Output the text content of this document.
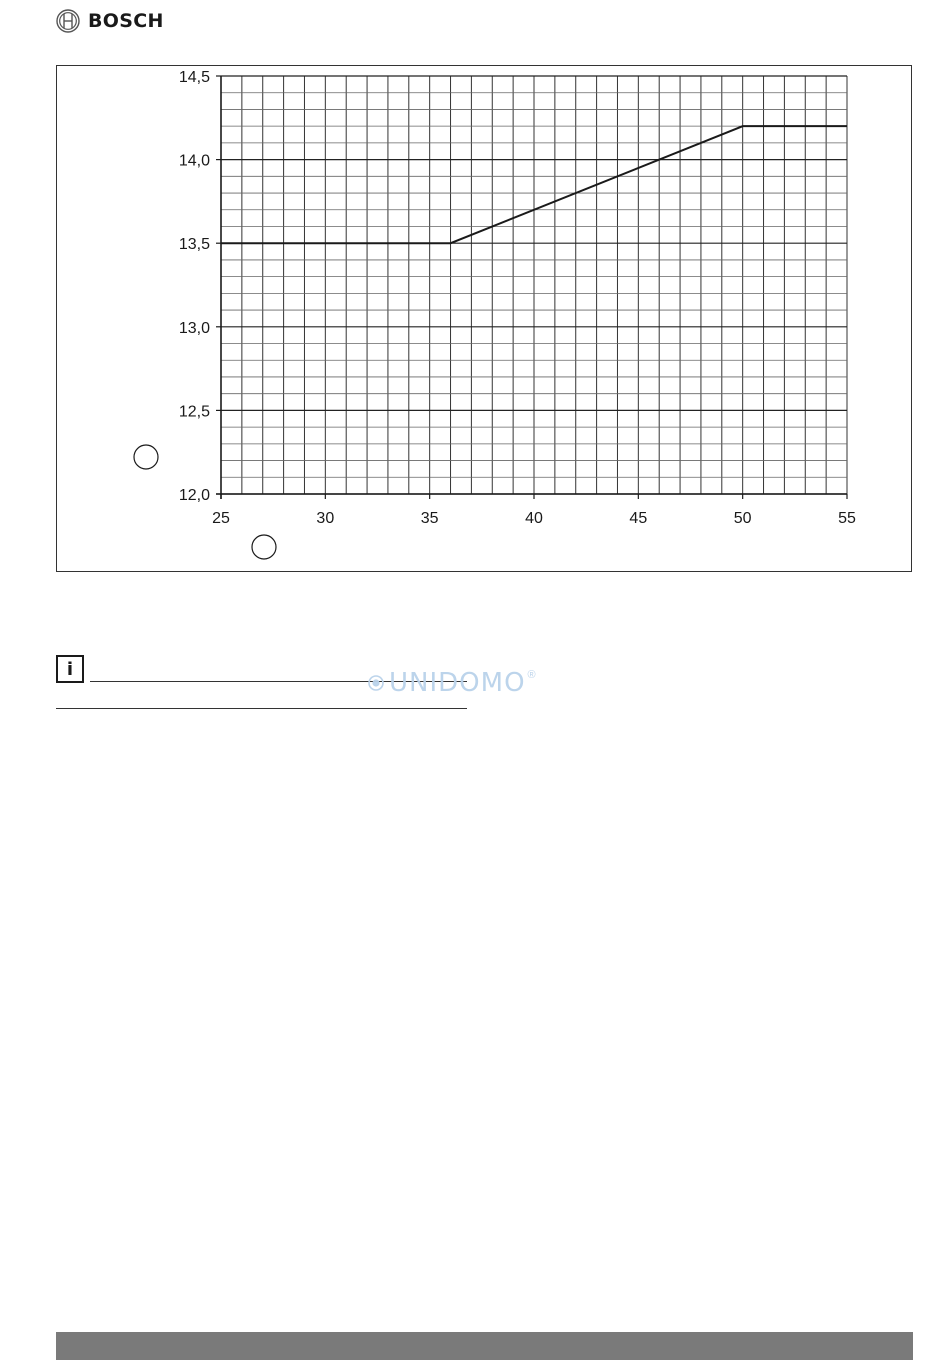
BOSCH
25	30	35	40	45	50	55
14,5
14,0
13,5
13,0
12,5
12,0
i	UNIDOMO ®
